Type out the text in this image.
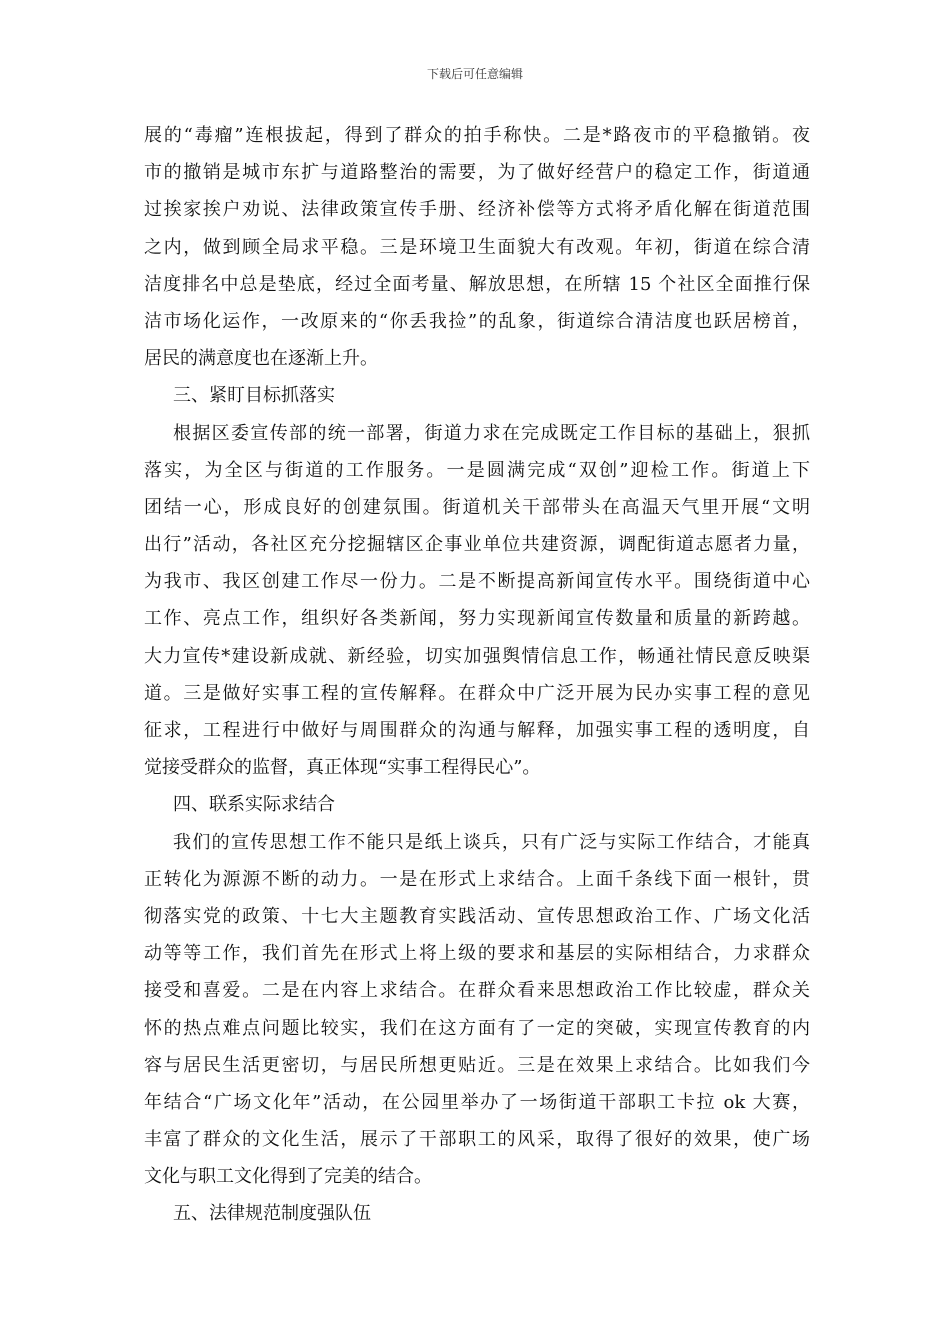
下载后可任意编辑
展的“毒瘤”连根拔起，得到了群众的拍手称快。二是*路夜市的平稳撤销。夜
市的撤销是城市东扩与道路整治的需要，为了做好经营户的稳定工作，街道通
过挨家挨户劝说、法律政策宣传手册、经济补偿等方式将矛盾化解在街道范围
之内，做到顾全局求平稳。三是环境卫生面貌大有改观。年初，街道在综合清
洁度排名中总是垫底，经过全面考量、解放思想，在所辖 15 个社区全面推行保
洁市场化运作，一改原来的“你丢我捡”的乱象，街道综合清洁度也跃居榜首，
居民的满意度也在逐渐上升。
三、紧盯目标抓落实
根据区委宣传部的统一部署，街道力求在完成既定工作目标的基础上，狠抓
落实，为全区与街道的工作服务。一是圆满完成“双创”迎检工作。街道上下
团结一心，形成良好的创建氛围。街道机关干部带头在高温天气里开展“文明
出行”活动，各社区充分挖掘辖区企事业单位共建资源，调配街道志愿者力量，
为我市、我区创建工作尽一份力。二是不断提高新闻宣传水平。围绕街道中心
工作、亮点工作，组织好各类新闻，努力实现新闻宣传数量和质量的新跨越。
大力宣传*建设新成就、新经验，切实加强舆情信息工作，畅通社情民意反映渠
道。三是做好实事工程的宣传解释。在群众中广泛开展为民办实事工程的意见
征求，工程进行中做好与周围群众的沟通与解释，加强实事工程的透明度，自
觉接受群众的监督，真正体现“实事工程得民心”。
四、联系实际求结合
我们的宣传思想工作不能只是纸上谈兵，只有广泛与实际工作结合，才能真
正转化为源源不断的动力。一是在形式上求结合。上面千条线下面一根针，贯
彻落实党的政策、十七大主题教育实践活动、宣传思想政治工作、广场文化活
动等等工作，我们首先在形式上将上级的要求和基层的实际相结合，力求群众
接受和喜爱。二是在内容上求结合。在群众看来思想政治工作比较虚，群众关
怀的热点难点问题比较实，我们在这方面有了一定的突破，实现宣传教育的内
容与居民生活更密切，与居民所想更贴近。三是在效果上求结合。比如我们今
年结合“广场文化年”活动，在公园里举办了一场街道干部职工卡拉 ok 大赛，
丰富了群众的文化生活，展示了干部职工的风采，取得了很好的效果，使广场
文化与职工文化得到了完美的结合。
五、法律规范制度强队伍
